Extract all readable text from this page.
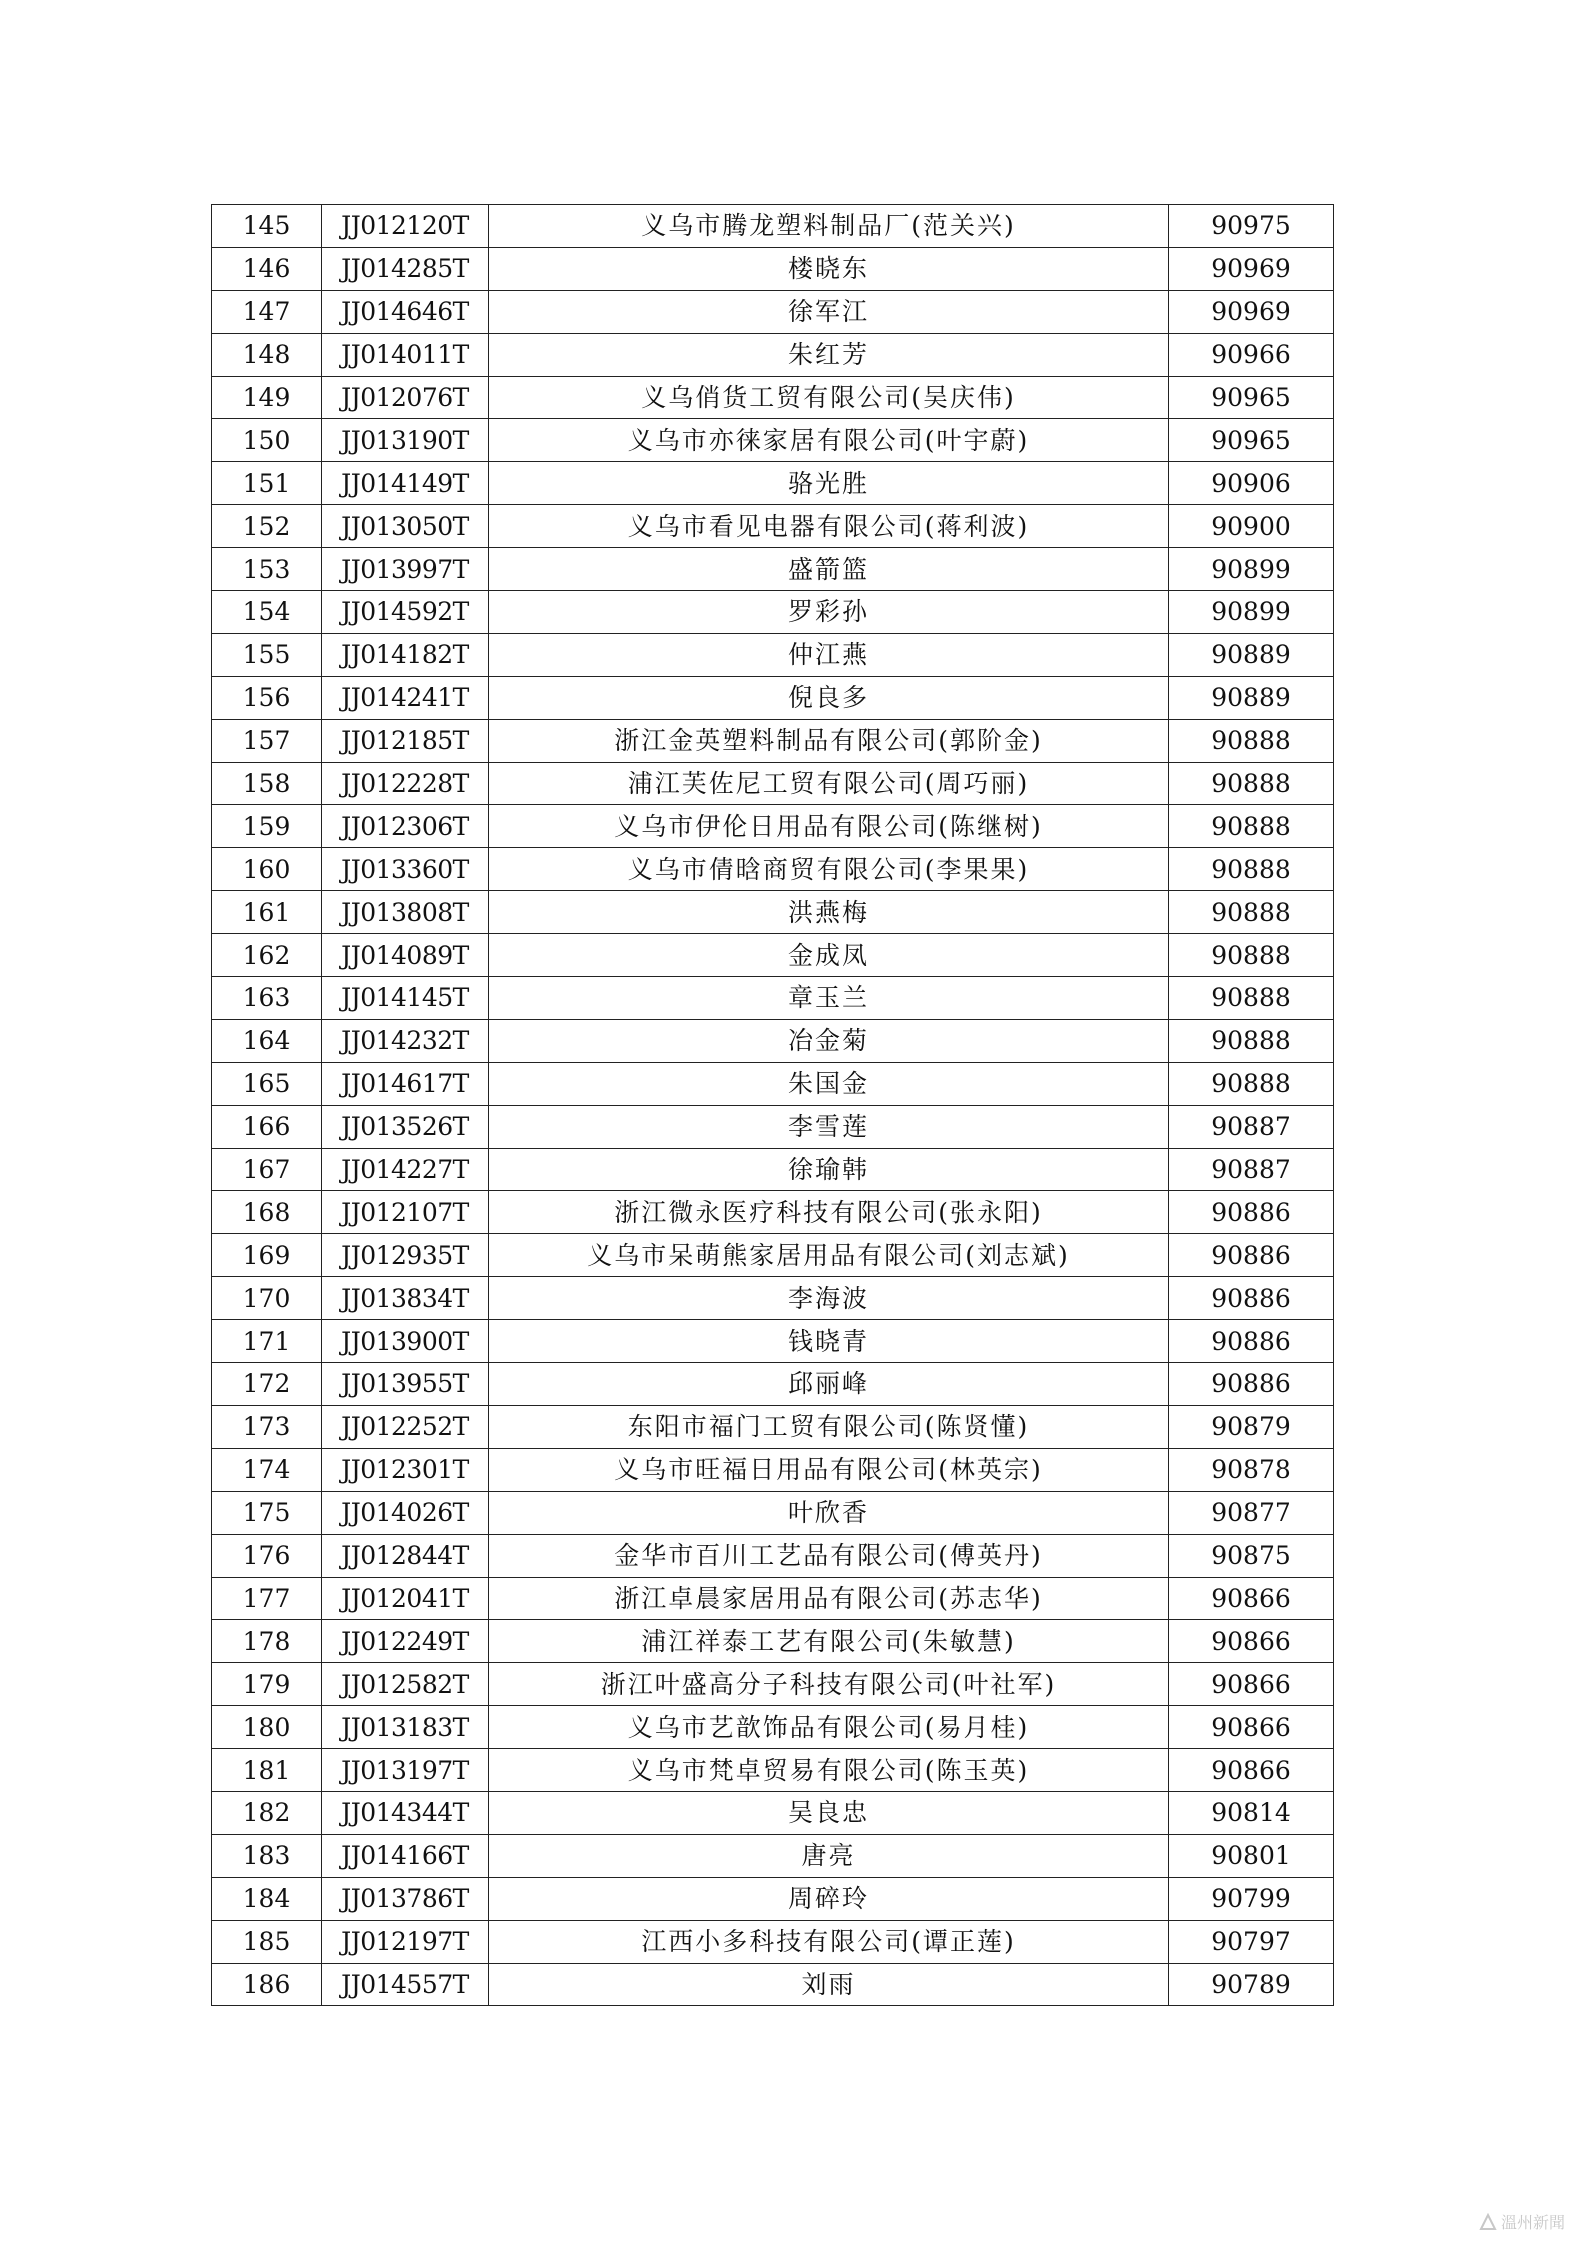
145	JJ012120T	义乌市腾龙塑料制品厂(范关兴)	90975
146	JJ014285T	楼晓东	90969
147	JJ014646T	徐军江	90969
148	JJ014011T	朱红芳	90966
149	JJ012076T	义乌俏货工贸有限公司(吴庆伟)	90965
150	JJ013190T	义乌市亦徕家居有限公司(叶宇蔚)	90965
151	JJ014149T	骆光胜	90906
152	JJ013050T	义乌市看见电器有限公司(蒋利波)	90900
153	JJ013997T	盛箭篮	90899
154	JJ014592T	罗彩孙	90899
155	JJ014182T	仲江燕	90889
156	JJ014241T	倪良多	90889
157	JJ012185T	浙江金英塑料制品有限公司(郭阶金)	90888
158	JJ012228T	浦江芙佐尼工贸有限公司(周巧丽)	90888
159	JJ012306T	义乌市伊伦日用品有限公司(陈继树)	90888
160	JJ013360T	义乌市倩晗商贸有限公司(李果果)	90888
161	JJ013808T	洪燕梅	90888
162	JJ014089T	金成凤	90888
163	JJ014145T	章玉兰	90888
164	JJ014232T	冶金菊	90888
165	JJ014617T	朱国金	90888
166	JJ013526T	李雪莲	90887
167	JJ014227T	徐瑜韩	90887
168	JJ012107T	浙江微永医疗科技有限公司(张永阳)	90886
169	JJ012935T	义乌市呆萌熊家居用品有限公司(刘志斌)	90886
170	JJ013834T	李海波	90886
171	JJ013900T	钱晓青	90886
172	JJ013955T	邱丽峰	90886
173	JJ012252T	东阳市福门工贸有限公司(陈贤懂)	90879
174	JJ012301T	义乌市旺福日用品有限公司(林英宗)	90878
175	JJ014026T	叶欣香	90877
176	JJ012844T	金华市百川工艺品有限公司(傅英丹)	90875
177	JJ012041T	浙江卓晨家居用品有限公司(苏志华)	90866
178	JJ012249T	浦江祥泰工艺有限公司(朱敏慧)	90866
179	JJ012582T	浙江叶盛高分子科技有限公司(叶社军)	90866
180	JJ013183T	义乌市艺歆饰品有限公司(易月桂)	90866
181	JJ013197T	义乌市梵卓贸易有限公司(陈玉英)	90866
182	JJ014344T	吴良忠	90814
183	JJ014166T	唐亮	90801
184	JJ013786T	周碎玲	90799
185	JJ012197T	江西小多科技有限公司(谭正莲)	90797
186	JJ014557T	刘雨	90789
溫州新聞
